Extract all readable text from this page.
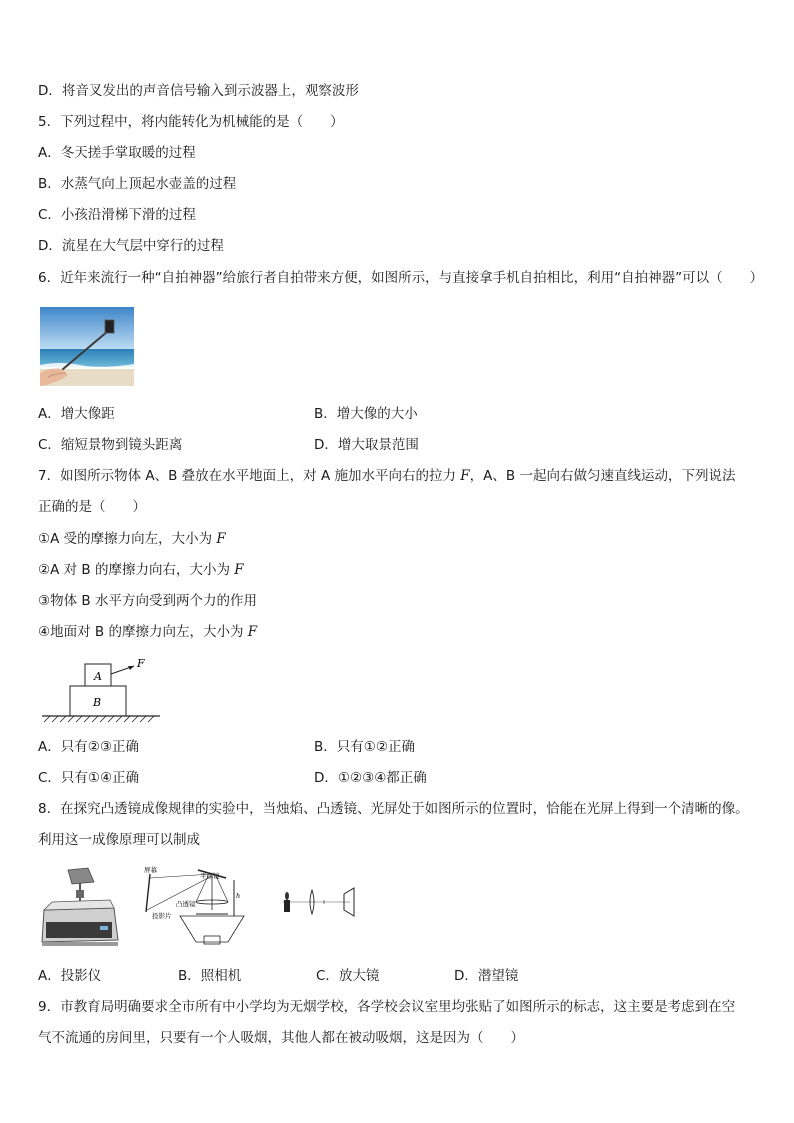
D．将音叉发出的声音信号输入到示波器上，观察波形
5．下列过程中，将内能转化为机械能的是（　　）
A．冬天搓手掌取暖的过程
B．水蒸气向上顶起水壶盖的过程
C．小孩沿滑梯下滑的过程
D．流星在大气层中穿行的过程
6．近年来流行一种“自拍神器”给旅行者自拍带来方便，如图所示，与直接拿手机自拍相比，利用“自拍神器”可以（　　）
A．增大像距	B．增大像的大小
C．缩短景物到镜头距离	D．增大取景范围
7．如图所示物体 A、B 叠放在水平地面上，对 A 施加水平向右的拉力 F，A、B 一起向右做匀速直线运动，下列说法
正确的是（　　）
①A 受的摩擦力向左，大小为 F
②A 对 B 的摩擦力向右，大小为 F
③物体 B 水平方向受到两个力的作用
④地面对 B 的摩擦力向左，大小为 F
A
B
F
A．只有②③正确	B．只有①②正确
C．只有①④正确	D．①②③④都正确
8．在探究凸透镜成像规律的实验中，当烛焰、凸透镜、光屏处于如图所示的位置时，恰能在光屏上得到一个清晰的像。
利用这一成像原理可以制成
屏幕
平面镜
凸透镜
投影片
h
A．投影仪	B．照相机	C．放大镜	D．潜望镜
9．市教育局明确要求全市所有中小学均为无烟学校，各学校会议室里均张贴了如图所示的标志，这主要是考虑到在空
气不流通的房间里，只要有一个人吸烟，其他人都在被动吸烟，这是因为（　　）
